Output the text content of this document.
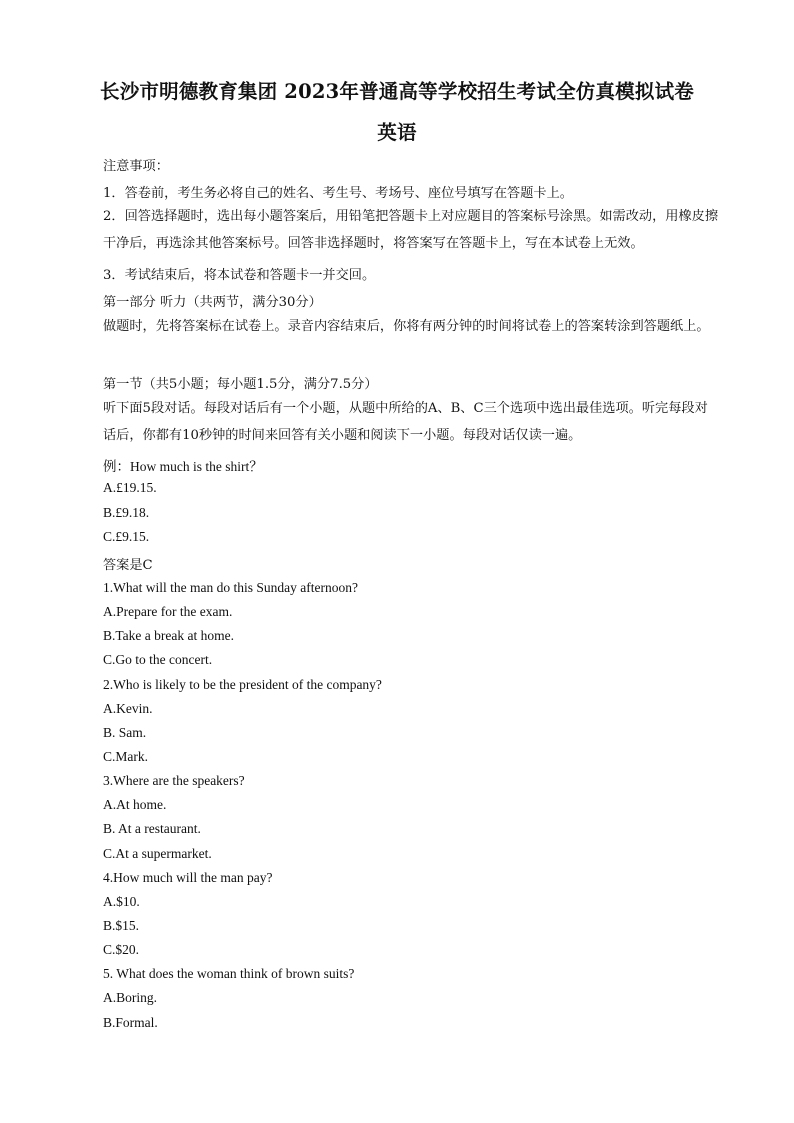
长沙市明德教育集团 2023年普通高等学校招生考试全仿真模拟试卷
英语
注意事项：
1．答卷前，考生务必将自己的姓名、考生号、考场号、座位号填写在答题卡上。
2．回答选择题时，选出每小题答案后，用铅笔把答题卡上对应题目的答案标号涂黑。如需改动，用橡皮擦干净后，再选涂其他答案标号。回答非选择题时，将答案写在答题卡上，写在本试卷上无效。
3．考试结束后，将本试卷和答题卡一并交回。
第一部分 听力（共两节，满分30分）
做题时，先将答案标在试卷上。录音内容结束后，你将有两分钟的时间将试卷上的答案转涂到答题纸上。
第一节（共5小题；每小题1.5分，满分7.5分）
听下面5段对话。每段对话后有一个小题，从题中所给的A、B、C三个选项中选出最佳选项。听完每段对话后，你都有10秒钟的时间来回答有关小题和阅读下一小题。每段对话仅读一遍。
例：How much is the shirt？
A.£19.15.
B.£9.18.
C.£9.15.
答案是C
1.What will the man do this Sunday afternoon?
A.Prepare for the exam.
B.Take a break at home.
C.Go to the concert.
2.Who is likely to be the president of the company?
A.Kevin.
B. Sam.
C.Mark.
3.Where are the speakers?
A.At home.
B. At a restaurant.
C.At a supermarket.
4.How much will the man pay?
A.$10.
B.$15.
C.$20.
5. What does the woman think of brown suits?
A.Boring.
B.Formal.
